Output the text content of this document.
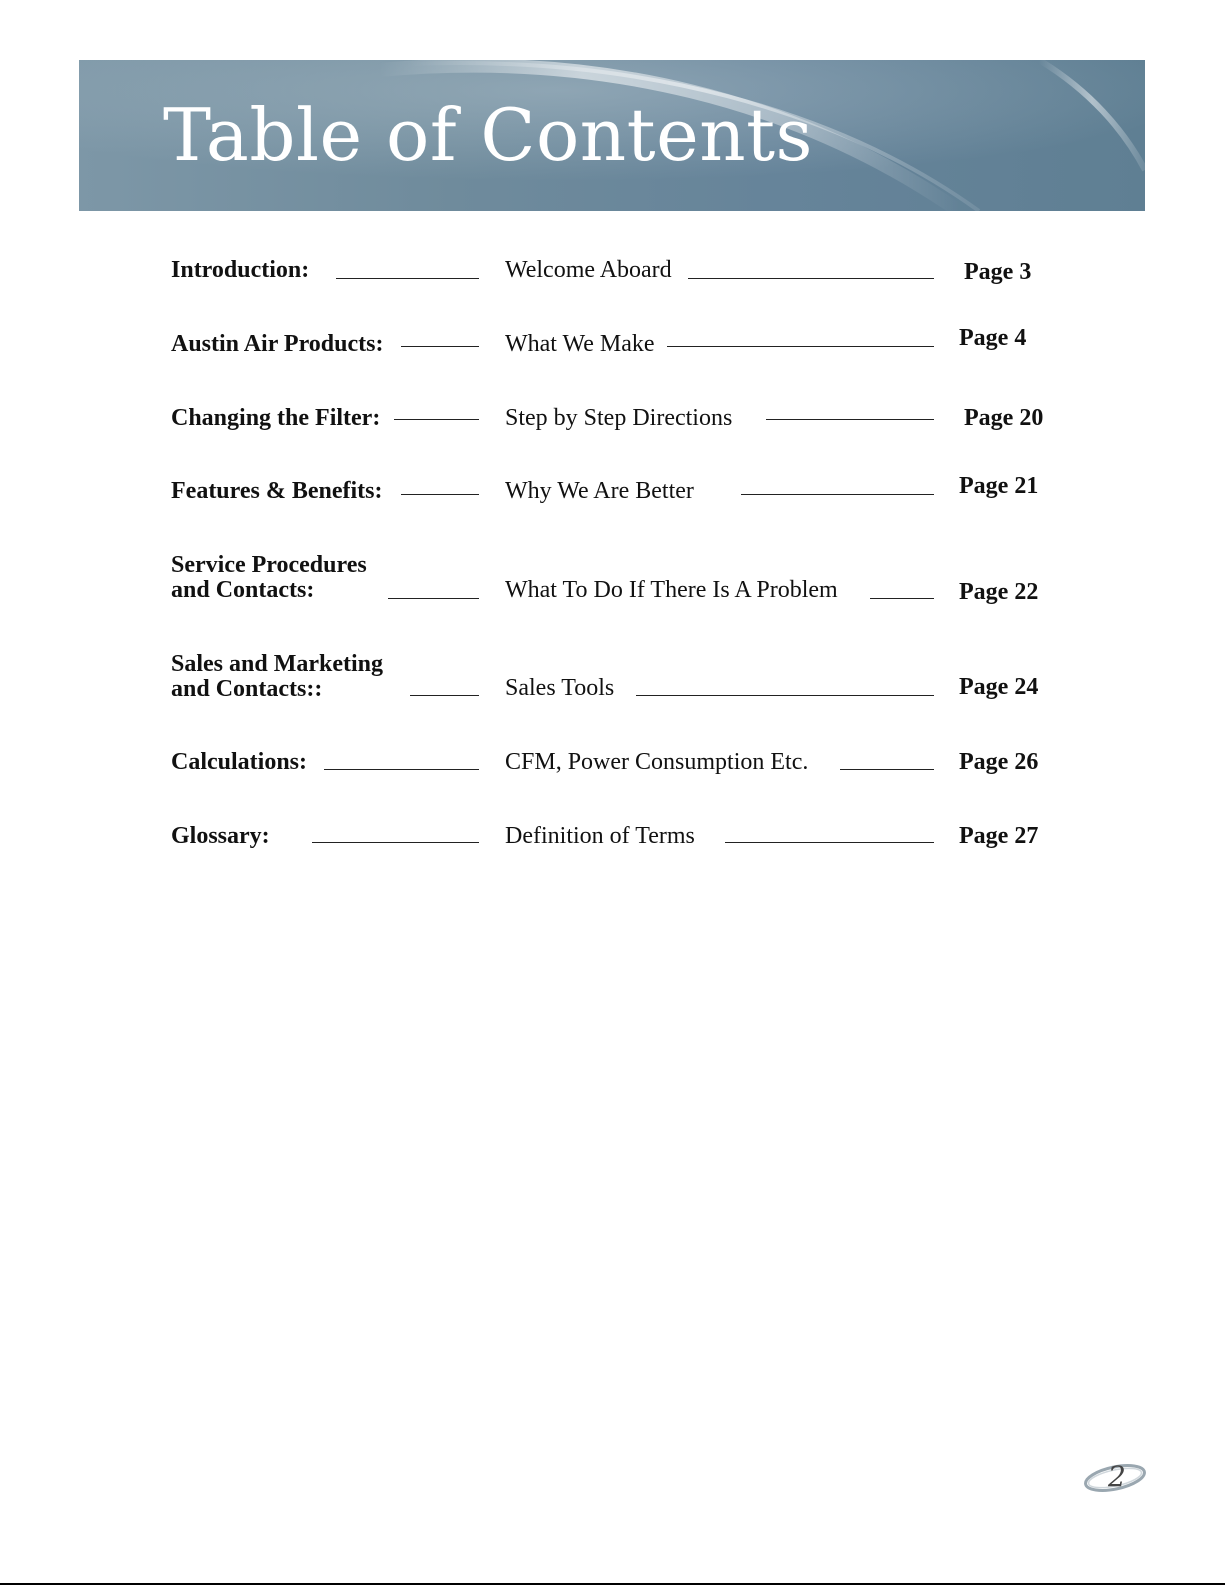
Table of Contents
Introduction:	Welcome Aboard	Page 3
Austin Air Products:	What We Make	Page 4
Changing the Filter:	Step by Step Directions	Page 20
Features & Benefits:	Why We Are Better	Page 21
Service Procedures
and Contacts:	What To Do If There Is A Problem	Page 22
Sales and Marketing
and Contacts::	Sales Tools	Page 24
Calculations:	CFM, Power Consumption Etc.	Page 26
Glossary:	Definition of Terms	Page 27
2
